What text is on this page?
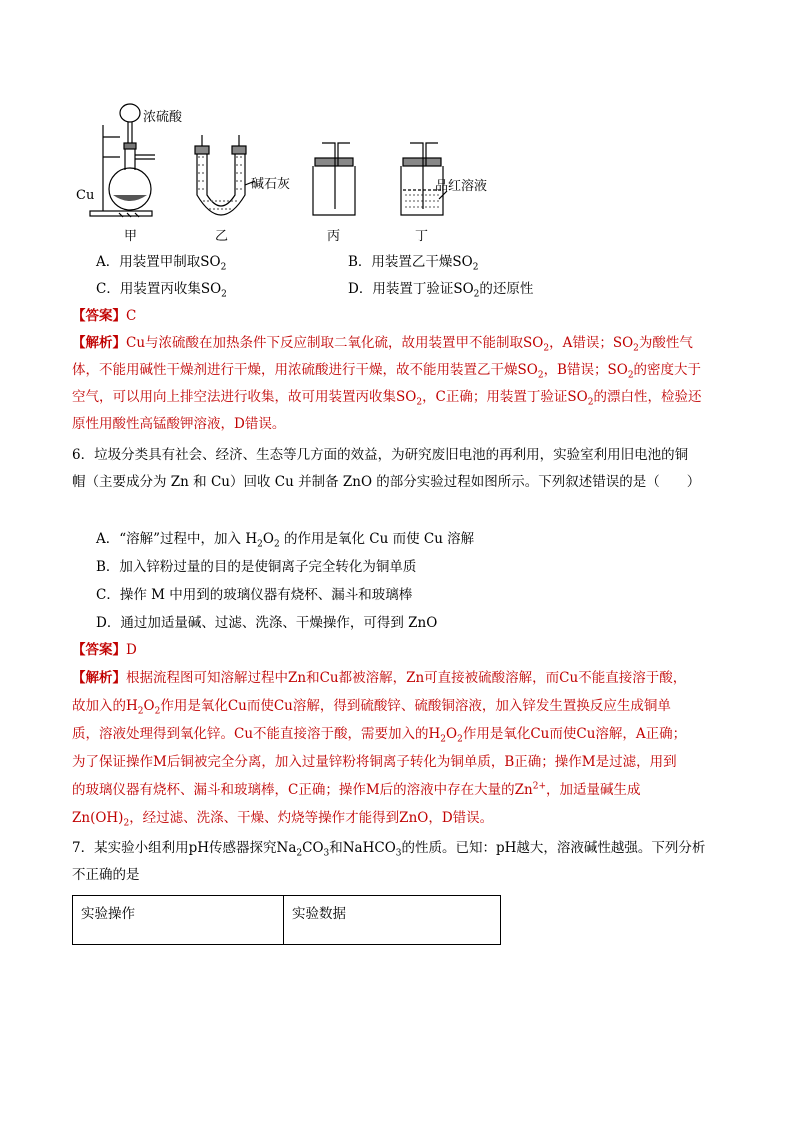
浓硫酸
Cu
甲
碱石灰
乙	丙
品红溶液
丁
A．用装置甲制取$SO_2$	B．用装置乙干燥$SO_2$
C．用装置丙收集$SO_2$	D．用装置丁验证$SO_2$的还原性
【答案】C
【解析】Cu与浓硫酸在加热条件下反应制取二氧化硫，故用装置甲不能制取$SO_2$，A错误；$SO_2$为酸性气
体，不能用碱性干燥剂进行干燥，用浓硫酸进行干燥，故不能用装置乙干燥$SO_2$，B错误；$SO_2$的密度大于
空气，可以用向上排空法进行收集，故可用装置丙收集$SO_2$，C正确；用装置丁验证$SO_2$的漂白性，检验还
原性用酸性高锰酸钾溶液，D错误。
6．垃圾分类具有社会、经济、生态等几方面的效益，为研究废旧电池的再利用，实验室利用旧电池的铜
帽（主要成分为 Zn 和 Cu）回收 Cu 并制备 ZnO 的部分实验过程如图所示。下列叙述错误的是（　　）
A．“溶解”过程中，加入 $H_2O_2$ 的作用是氧化 Cu 而使 Cu 溶解
B．加入锌粉过量的目的是使铜离子完全转化为铜单质
C．操作 M 中用到的玻璃仪器有烧杯、漏斗和玻璃棒
D．通过加适量碱、过滤、洗涤、干燥操作，可得到 ZnO
【答案】D
【解析】根据流程图可知溶解过程中Zn和Cu都被溶解，Zn可直接被硫酸溶解，而Cu不能直接溶于酸，
故加入的$H_2O_2$作用是氧化Cu而使Cu溶解，得到硫酸锌、硫酸铜溶液，加入锌发生置换反应生成铜单
质，溶液处理得到氧化锌。Cu不能直接溶于酸，需要加入的$H_2O_2$作用是氧化Cu而使Cu溶解，A正确；
为了保证操作M后铜被完全分离，加入过量锌粉将铜离子转化为铜单质，B正确；操作M是过滤，用到
的玻璃仪器有烧杯、漏斗和玻璃棒，C正确；操作M后的溶液中存在大量的$Zn^{2+}$，加适量碱生成
$Zn(OH)_2$，经过滤、洗涤、干燥、灼烧等操作才能得到ZnO，D错误。
7．某实验小组利用pH传感器探究$Na_2CO_3$和NaHCO$_3$的性质。已知：pH越大，溶液碱性越强。下列分析
不正确的是
实验操作	实验数据
